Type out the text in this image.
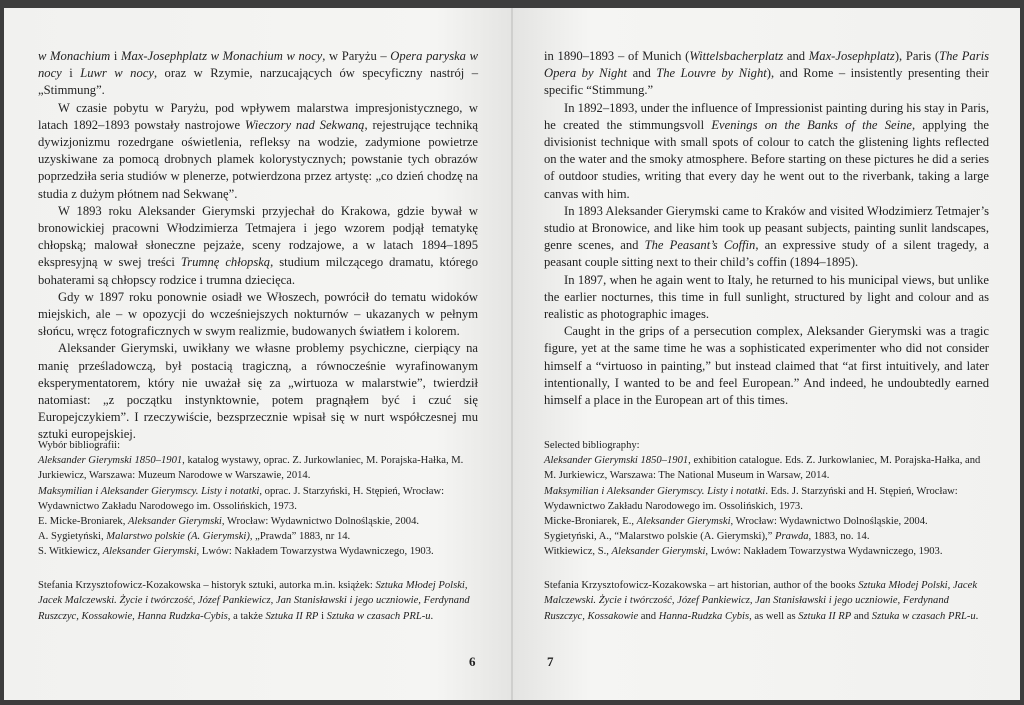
w Monachium i Max-Josephplatz w Monachium w nocy, w Paryżu – Opera paryska w nocy i Luwr w nocy, oraz w Rzymie, narzucających ów specyficzny nastrój – „Stimmung”.

W czasie pobytu w Paryżu, pod wpływem malarstwa impresjonistycznego, w latach 1892–1893 powstały nastrojowe Wieczory nad Sekwaną, rejestrujące techniką dywizjonizmu rozedrgane oświetlenia, refleksy na wodzie, zadymione powietrze uzyskiwane za pomocą drobnych plamek kolorystycznych; powstanie tych obrazów poprzedziła seria studiów w plenerze, potwierdzona przez artystę: „co dzień chodzę na studia z dużym płótnem nad Sekwanę”.

W 1893 roku Aleksander Gierymski przyjechał do Krakowa, gdzie bywał w bronowickiej pracowni Włodzimierza Tetmajera i jego wzorem podjął tematykę chłopską; malował słoneczne pejzaże, sceny rodzajowe, a w latach 1894–1895 ekspresyjną w swej treści Trumnę chłopską, studium milczącego dramatu, którego bohaterami są chłopscy rodzice i trumna dziecięca.

Gdy w 1897 roku ponownie osiadł we Włoszech, powrócił do tematu widoków miejskich, ale – w opozycji do wcześniejszych nokturnów – ukazanych w pełnym słońcu, wręcz fotograficznych w swym realizmie, budowanych światłem i kolorem.

Aleksander Gierymski, uwikłany we własne problemy psychiczne, cierpiący na manię prześladowczą, był postacią tragiczną, a równocześnie wyrafinowanym eksperymentatorem, który nie uważał się za „wirtuoza w malarstwie”, twierdził natomiast: „z początku instynktownie, potem pragnąłem być i czuć się Europejczykiem”. I rzeczywiście, bezsprzecznie wpisał się w nurt współczesnej mu sztuki europejskiej.

Wybór bibliografii:
Aleksander Gierymski 1850–1901, katalog wystawy, oprac. Z. Jurkowlaniec, M. Porajska-Hałka, M. Jurkiewicz, Warszawa: Muzeum Narodowe w Warszawie, 2014.
Maksymilian i Aleksander Gierymscy. Listy i notatki, oprac. J. Starzyński, H. Stępień, Wrocław: Wydawnictwo Zakładu Narodowego im. Ossolińskich, 1973.
E. Micke-Broniarek, Aleksander Gierymski, Wrocław: Wydawnictwo Dolnośląskie, 2004.
A. Sygietyński, Malarstwo polskie (A. Gierymski), „Prawda” 1883, nr 14.
S. Witkiewicz, Aleksander Gierymski, Lwów: Nakładem Towarzystwa Wydawniczego, 1903.
Stefania Krzysztofowicz-Kozakowska – historyk sztuki, autorka m.in. książek: Sztuka Młodej Polski, Jacek Malczewski. Życie i twórczość, Józef Pankiewicz, Jan Stanisławski i jego uczniowie, Ferdynand Ruszczyc, Kossakowie, Hanna Rudzka-Cybis, a także Sztuka II RP i Sztuka w czasach PRL-u.
6

in 1890–1893 – of Munich (Wittelsbacherplatz and Max-Josephplatz), Paris (The Paris Opera by Night and The Louvre by Night), and Rome – insistently presenting their specific “Stimmung.”

In 1892–1893, under the influence of Impressionist painting during his stay in Paris, he created the stimmungsvoll Evenings on the Banks of the Seine, applying the divisionist technique with small spots of colour to catch the glistening lights reflected on the water and the smoky atmosphere. Before starting on these pictures he did a series of outdoor studies, writing that every day he went out to the riverbank, taking a large canvas with him.

In 1893 Aleksander Gierymski came to Kraków and visited Włodzimierz Tetmajer’s studio at Bronowice, and like him took up peasant subjects, painting sunlit landscapes, genre scenes, and The Peasant’s Coffin, an expressive study of a silent tragedy, a peasant couple sitting next to their child’s coffin (1894–1895).

In 1897, when he again went to Italy, he returned to his municipal views, but unlike the earlier nocturnes, this time in full sunlight, structured by light and colour and as realistic as photographic images.

Caught in the grips of a persecution complex, Aleksander Gierymski was a tragic figure, yet at the same time he was a sophisticated experimenter who did not consider himself a “virtuoso in painting,” but instead claimed that “at first intuitively, and later intentionally, I wanted to be and feel European.” And indeed, he undoubtedly earned himself a place in the European art of this times.

Selected bibliography:
Aleksander Gierymski 1850–1901, exhibition catalogue. Eds. Z. Jurkowlaniec, M. Porajska-Hałka, and M. Jurkiewicz, Warszawa: The National Museum in Warsaw, 2014.
Maksymilian i Aleksander Gierymscy. Listy i notatki. Eds. J. Starzyński and H. Stępień, Wrocław: Wydawnictwo Zakładu Narodowego im. Ossolińskich, 1973.
Micke-Broniarek, E., Aleksander Gierymski, Wrocław: Wydawnictwo Dolnośląskie, 2004.
Sygietyński, A., “Malarstwo polskie (A. Gierymski),” Prawda, 1883, no. 14.
Witkiewicz, S., Aleksander Gierymski, Lwów: Nakładem Towarzystwa Wydawniczego, 1903.
Stefania Krzysztofowicz-Kozakowska – art historian, author of the books Sztuka Młodej Polski, Jacek Malczewski. Życie i twórczość, Józef Pankiewicz, Jan Stanisławski i jego uczniowie, Ferdynand Ruszczyc, Kossakowie and Hanna-Rudzka Cybis, as well as Sztuka II RP and Sztuka w czasach PRL-u.
7
